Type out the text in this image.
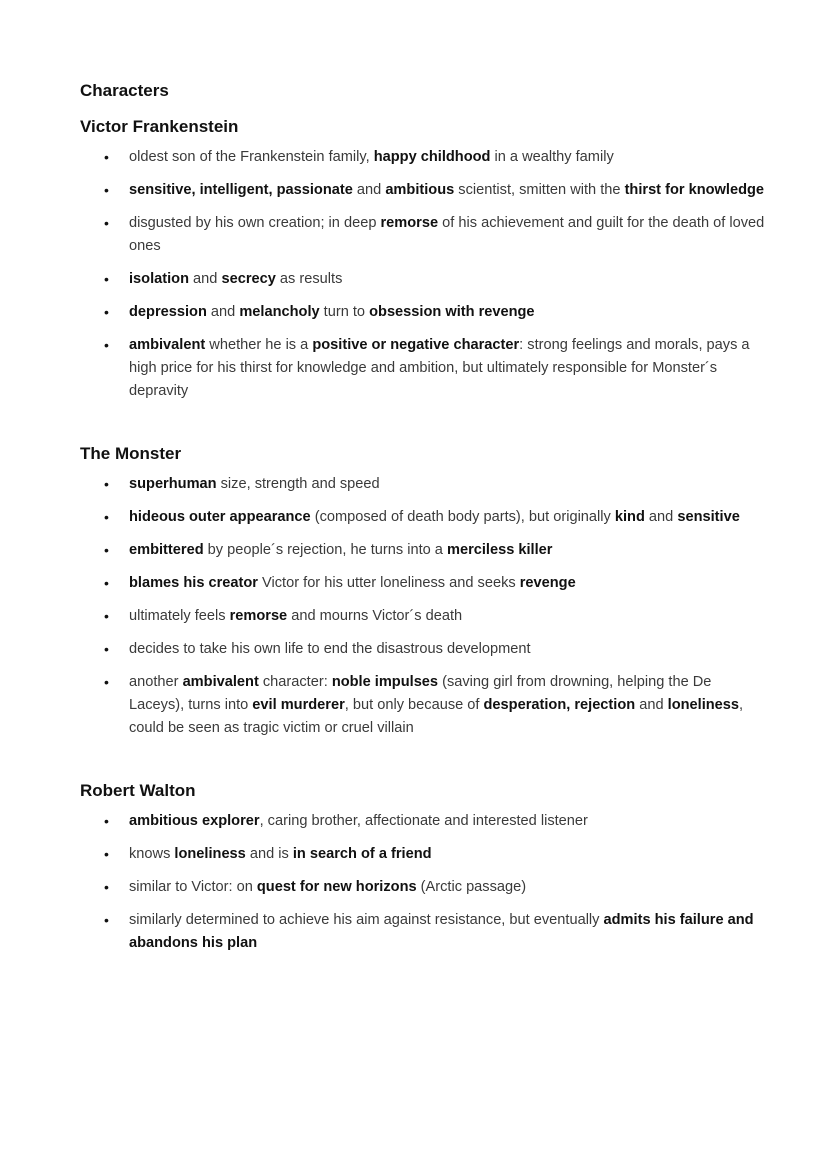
Characters
Victor Frankenstein
•	oldest son of the Frankenstein family, happy childhood in a wealthy family
•	sensitive, intelligent, passionate and ambitious scientist, smitten with the thirst for knowledge
•	disgusted by his own creation; in deep remorse of his achievement and guilt for the death of loved ones
•	isolation and secrecy as results
•	depression and melancholy turn to obsession with revenge
•	ambivalent whether he is a positive or negative character: strong feelings and morals, pays a high price for his thirst for knowledge and ambition, but ultimately responsible for Monster´s depravity
The Monster
•	superhuman size, strength and speed
•	hideous outer appearance (composed of death body parts), but originally kind and sensitive
•	embittered by people´s rejection, he turns into a merciless killer
•	blames his creator Victor for his utter loneliness and seeks revenge
•	ultimately feels remorse and mourns Victor´s death
•	decides to take his own life to end the disastrous development
•	another ambivalent character: noble impulses (saving girl from drowning, helping the De Laceys), turns into evil murderer, but only because of desperation, rejection and loneliness, could be seen as tragic victim or cruel villain
Robert Walton
•	ambitious explorer, caring brother, affectionate and interested listener
•	knows loneliness and is in search of a friend
•	similar to Victor: on quest for new horizons (Arctic passage)
•	similarly determined to achieve his aim against resistance, but eventually admits his failure and abandons his plan
